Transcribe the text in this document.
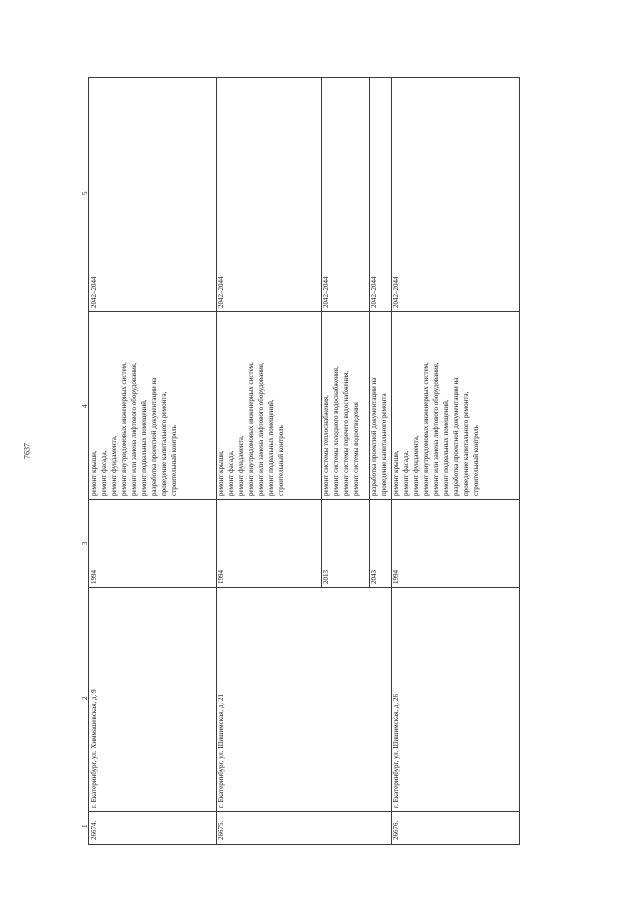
7637
1
2
3
4
5
26674.
г. Екатеринбург, ул. Химмашевская, д. 9
1994
ремонт крыши, ремонт фасада, ремонт фундамента, ремонт внутридомовых инженерных систем, ремонт или замена лифтового оборудования, ремонт подвальных помещений, разработка проектной документации на проведение капитального ремонта, строительный контроль
2042–2044
26675.
г. Екатеринбург, ул. Шишимская, д. 21
1994
ремонт крыши, ремонт фасада, ремонт фундамента, ремонт внутридомовых инженерных систем, ремонт или замена лифтового оборудования, ремонт подвальных помещений, строительный контроль
2042–2044
2013
ремонт системы теплоснабжения, ремонт системы холодного водоснабжения, ремонт системы горячего водоснабжения, ремонт системы водоотведения
2042–2044
2043
разработка проектной документации на проведение капитального ремонта
2042–2044
26676.
г. Екатеринбург, ул. Шишимская, д. 26
1994
ремонт крыши, ремонт фасада, ремонт фундамента, ремонт внутридомовых инженерных систем, ремонт или замена лифтового оборудования, ремонт подвальных помещений, разработка проектной документации на проведение капитального ремонта, строительный контроль
2042–2044
